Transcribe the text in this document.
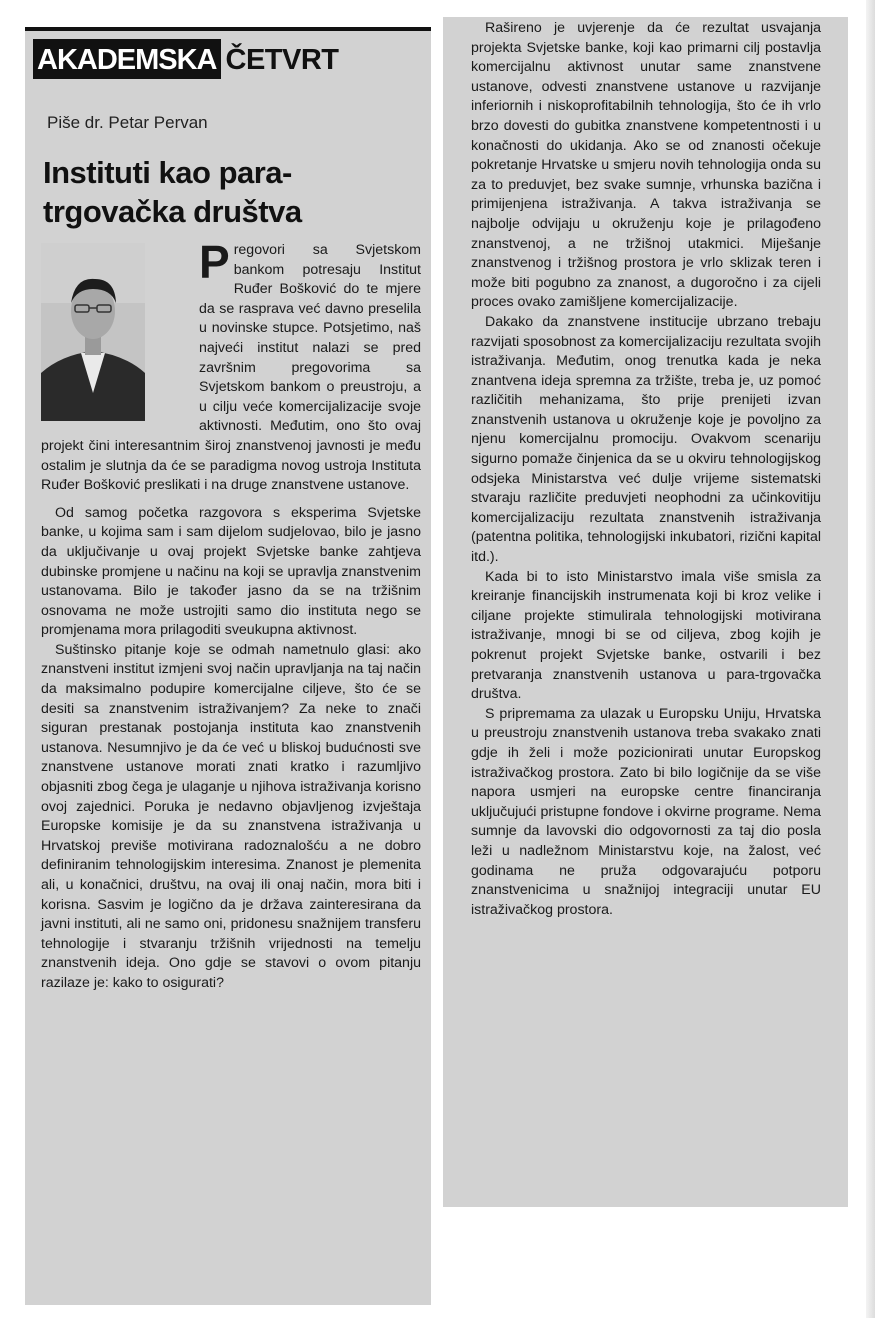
AKADEMSKA ČETVRT
Piše dr. Petar Pervan
Instituti kao para-trgovačka društva

Pregovori sa Svjetskom bankom potresaju Institut Ruđer Bošković do te mjere da se rasprava već davno preselila u novinske stupce. Potsjetimo, naš najveći institut nalazi se pred završnim pregovorima sa Svjetskom bankom o preustroju, a u cilju veće komercijalizacije svoje aktivnosti. Međutim, ono što ovaj projekt čini interesantnim široj znanstvenoj javnosti je među ostalim je slutnja da će se paradigma novog ustroja Instituta Ruđer Bošković preslikati i na druge znanstvene ustanove.

Od samog početka razgovora s eksperima Svjetske banke, u kojima sam i sam dijelom sudjelovao, bilo je jasno da uključivanje u ovaj projekt Svjetske banke zahtjeva dubinske promjene u načinu na koji se upravlja znanstvenim ustanovama. Bilo je također jasno da se na tržišnim osnovama ne može ustrojiti samo dio instituta nego se promjenama mora prilagoditi sveukupna aktivnost.

Suštinsko pitanje koje se odmah nametnulo glasi: ako znanstveni institut izmjeni svoj način upravljanja na taj način da maksimalno podupire komercijalne ciljeve, što će se desiti sa znanstvenim istraživanjem? Za neke to znači siguran prestanak postojanja instituta kao znanstvenih ustanova. Nesumnjivo je da će već u bliskoj budućnosti sve znanstvene ustanove morati znati kratko i razumljivo objasniti zbog čega je ulaganje u njihova istraživanja korisno ovoj zajednici. Poruka je nedavno objavljenog izvještaja Europske komisije je da su znanstvena istraživanja u Hrvatskoj previše motivirana radoznalošću a ne dobro definiranim tehnologijskim interesima. Znanost je plemenita ali, u konačnici, društvu, na ovaj ili onaj način, mora biti i korisna. Sasvim je logično da je država zainteresirana da javni instituti, ali ne samo oni, pridonesu snažnijem transferu tehnologije i stvaranju tržišnih vrijednosti na temelju znanstvenih ideja. Ono gdje se stavovi o ovom pitanju razilaze je: kako to osigurati?

Rašireno je uvjerenje da će rezultat usvajanja projekta Svjetske banke, koji kao primarni cilj postavlja komercijalnu aktivnost unutar same znanstvene ustanove, odvesti znanstvene ustanove u razvijanje inferiornih i niskoprofitabilnih tehnologija, što će ih vrlo brzo dovesti do gubitka znanstvene kompetentnosti i u konačnosti do ukidanja. Ako se od znanosti očekuje pokretanje Hrvatske u smjeru novih tehnologija onda su za to preduvjet, bez svake sumnje, vrhunska bazična i primijenjena istraživanja. A takva istraživanja se najbolje odvijaju u okruženju koje je prilagođeno znanstvenoj, a ne tržišnoj utakmici. Miješanje znanstvenog i tržišnog prostora je vrlo sklizak teren i može biti pogubno za znanost, a dugoročno i za cijeli proces ovako zamišljene komercijalizacije.

Dakako da znanstvene institucije ubrzano trebaju razvijati sposobnost za komercijalizaciju rezultata svojih istraživanja. Međutim, onog trenutka kada je neka znantvena ideja spremna za tržište, treba je, uz pomoć različitih mehanizama, što prije prenijeti izvan znanstvenih ustanova u okruženje koje je povoljno za njenu komercijalnu promociju. Ovakvom scenariju sigurno pomaže činjenica da se u okviru tehnologijskog odsjeka Ministarstva već dulje vrijeme sistematski stvaraju različite preduvjeti neophodni za učinkovitiju komercijalizaciju rezultata znanstvenih istraživanja (patentna politika, tehnologijski inkubatori, rizični kapital itd.).

Kada bi to isto Ministarstvo imala više smisla za kreiranje financijskih instrumenata koji bi kroz velike i ciljane projekte stimulirala tehnologijski motivirana istraživanje, mnogi bi se od ciljeva, zbog kojih je pokrenut projekt Svjetske banke, ostvarili i bez pretvaranja znanstvenih ustanova u para-trgovačka društva.

S pripremama za ulazak u Europsku Uniju, Hrvatska u preustroju znanstvenih ustanova treba svakako znati gdje ih želi i može pozicionirati unutar Europskog istraživačkog prostora. Zato bi bilo logičnije da se više napora usmjeri na europske centre financiranja uključujući pristupne fondove i okvirne programe. Nema sumnje da lavovski dio odgovornosti za taj dio posla leži u nadležnom Ministarstvu koje, na žalost, već godinama ne pruža odgovarajuću potporu znanstvenicima u snažnijoj integraciji unutar EU istraživačkog prostora.
